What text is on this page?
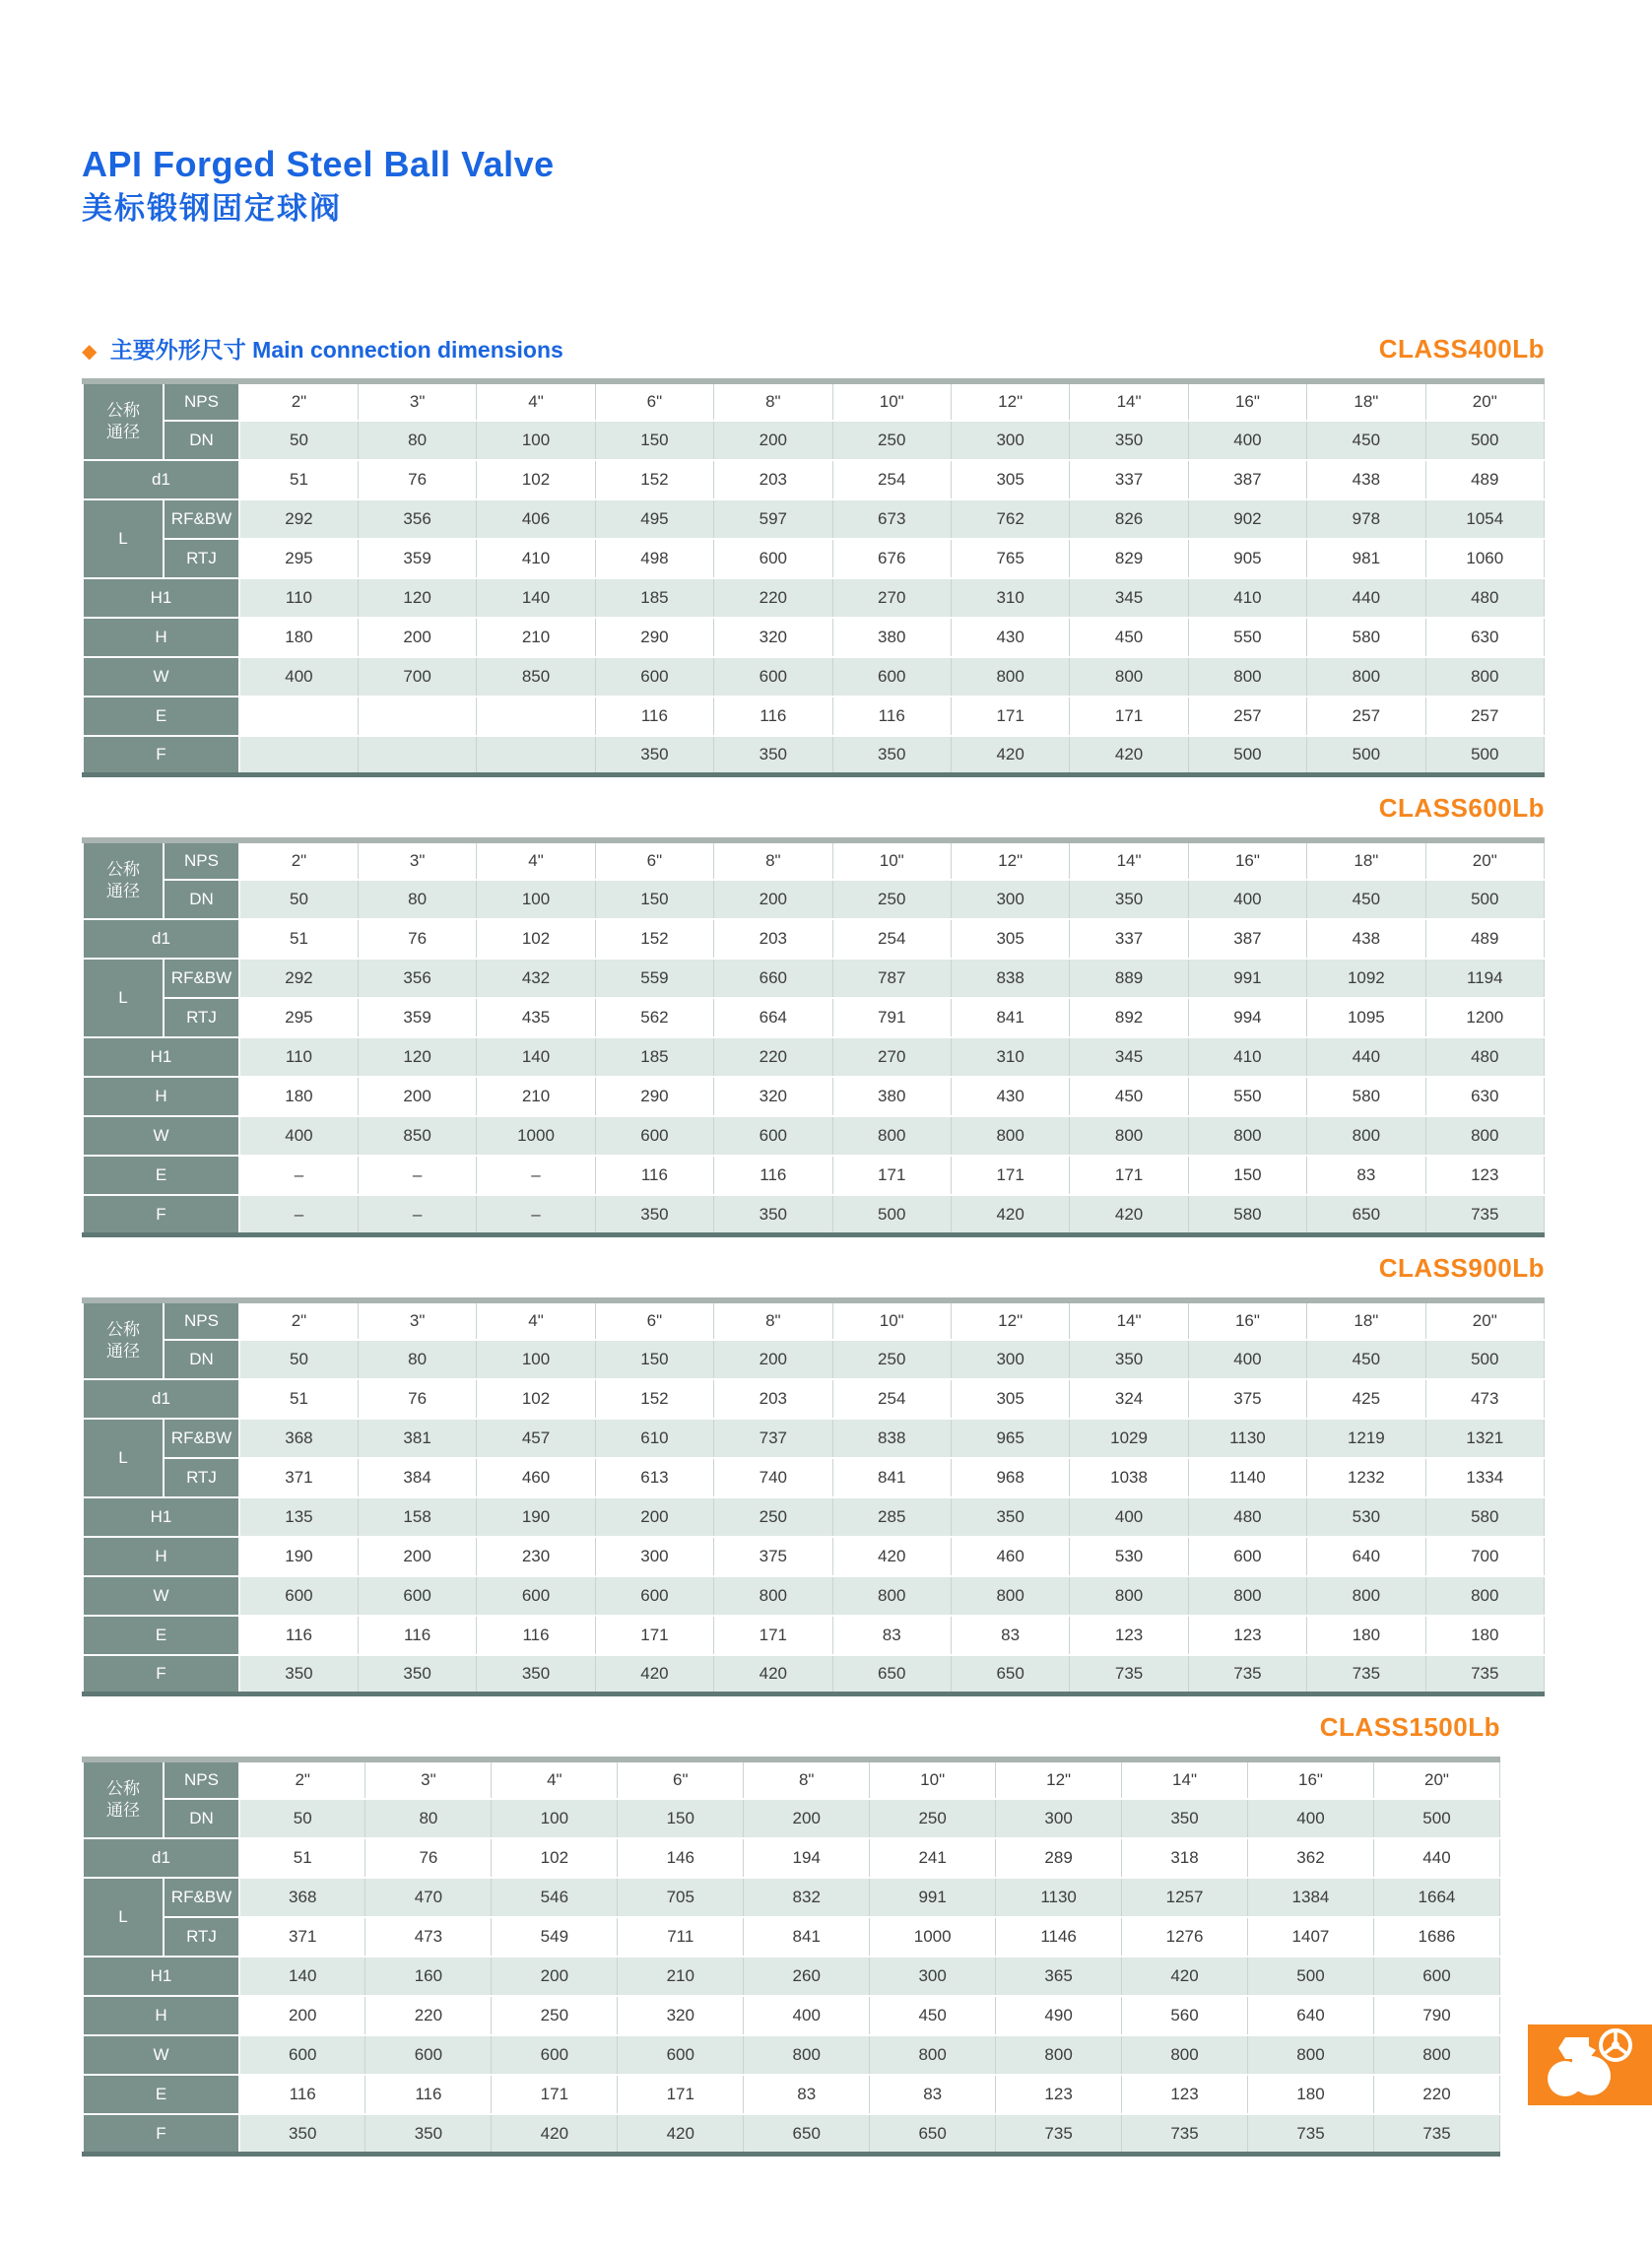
API Forged Steel Ball Valve
美标锻钢固定球阀
◆ 主要外形尺寸 Main connection dimensions	CLASS400Lb
公称
通径	NPS	2"	3"	4"	6"	8"	10"	12"	14"	16"	18"	20"
	DN	50	80	100	150	200	250	300	350	400	450	500
d1		51	76	102	152	203	254	305	337	387	438	489
L	RF&BW	292	356	406	495	597	673	762	826	902	978	1054
	RTJ	295	359	410	498	600	676	765	829	905	981	1060
H1		110	120	140	185	220	270	310	345	410	440	480
H		180	200	210	290	320	380	430	450	550	580	630
W		400	700	850	600	600	600	800	800	800	800	800
E					116	116	116	171	171	257	257	257
F					350	350	350	420	420	500	500	500
CLASS600Lb
公称
通径	NPS	2"	3"	4"	6"	8"	10"	12"	14"	16"	18"	20"
	DN	50	80	100	150	200	250	300	350	400	450	500
d1		51	76	102	152	203	254	305	337	387	438	489
L	RF&BW	292	356	432	559	660	787	838	889	991	1092	1194
	RTJ	295	359	435	562	664	791	841	892	994	1095	1200
H1		110	120	140	185	220	270	310	345	410	440	480
H		180	200	210	290	320	380	430	450	550	580	630
W		400	850	1000	600	600	800	800	800	800	800	800
E		–	–	–	116	116	171	171	171	150	83	123
F		–	–	–	350	350	500	420	420	580	650	735
CLASS900Lb
公称
通径	NPS	2"	3"	4"	6"	8"	10"	12"	14"	16"	18"	20"
	DN	50	80	100	150	200	250	300	350	400	450	500
d1		51	76	102	152	203	254	305	324	375	425	473
L	RF&BW	368	381	457	610	737	838	965	1029	1130	1219	1321
	RTJ	371	384	460	613	740	841	968	1038	1140	1232	1334
H1		135	158	190	200	250	285	350	400	480	530	580
H		190	200	230	300	375	420	460	530	600	640	700
W		600	600	600	600	800	800	800	800	800	800	800
E		116	116	116	171	171	83	83	123	123	180	180
F		350	350	350	420	420	650	650	735	735	735	735
CLASS1500Lb
公称
通径	NPS	2"	3"	4"	6"	8"	10"	12"	14"	16"	20"
	DN	50	80	100	150	200	250	300	350	400	500
d1		51	76	102	146	194	241	289	318	362	440
L	RF&BW	368	470	546	705	832	991	1130	1257	1384	1664
	RTJ	371	473	549	711	841	1000	1146	1276	1407	1686
H1		140	160	200	210	260	300	365	420	500	600
H		200	220	250	320	400	450	490	560	640	790
W		600	600	600	600	800	800	800	800	800	800
E		116	116	171	171	83	83	123	123	180	220
F		350	350	420	420	650	650	735	735	735	735
